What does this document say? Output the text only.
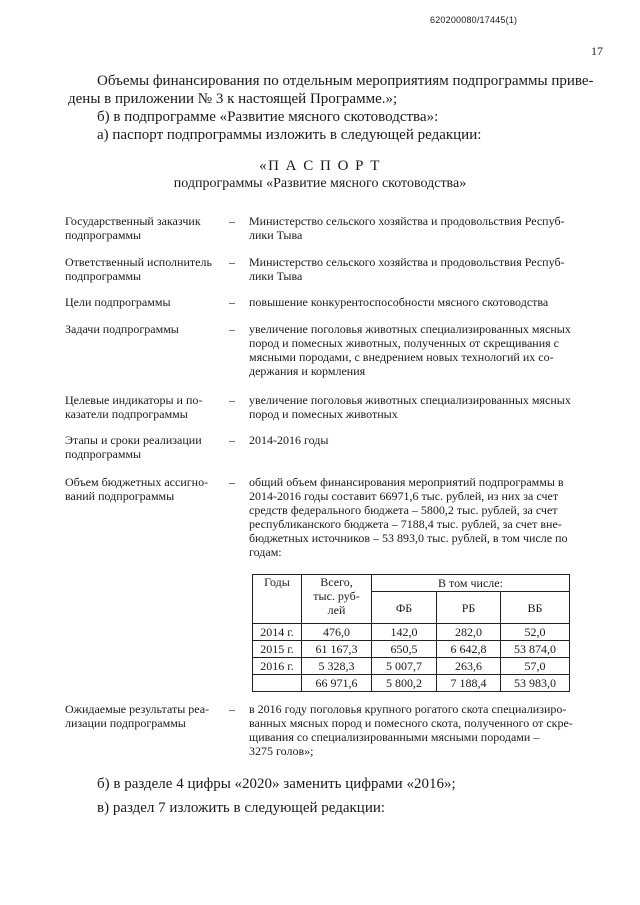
620200080/17445(1)
17
Объемы финансирования по отдельным мероприятиям подпрограммы приве-
дены в приложении № 3 к настоящей Программе.»;
б) в подпрограмме «Развитие мясного скотоводства»:
а) паспорт подпрограммы изложить в следующей редакции:
«П А С П О Р Т
подпрограммы «Развитие мясного скотоводства»
Государственный заказчик
подпрограммы
– Министерство сельского хозяйства и продовольствия Респуб-
лики Тыва
Ответственный исполнитель
подпрограммы
– Министерство сельского хозяйства и продовольствия Респуб-
лики Тыва
Цели подпрограммы	– повышение конкурентоспособности мясного скотоводства
Задачи подпрограммы	– увеличение поголовья животных специализированных мясных
пород и помесных животных, полученных от скрещивания с
мясными породами, с внедрением новых технологий их со-
держания и кормления
Целевые индикаторы и по-
казатели подпрограммы
– увеличение поголовья животных специализированных мясных
пород и помесных животных
Этапы и сроки реализации
подпрограммы
– 2014-2016 годы
Объем бюджетных ассигно-
ваний подпрограммы
– общий объем финансирования мероприятий подпрограммы в
2014-2016 годы составит 66971,6 тыс. рублей, из них за счет
средств федерального бюджета – 5800,2 тыс. рублей, за счет
республиканского бюджета – 7188,4 тыс. рублей, за счет вне-
бюджетных источников – 53 893,0 тыс. рублей, в том числе по
годам:
Ожидаемые результаты реа-
лизации подпрограммы
– в 2016 году поголовья крупного рогатого скота специализиро-
ванных мясных пород и помесного скота, полученного от скре-
щивания со специализированными мясными породами –
3275 голов»;
Годы	Всего,
тыс. руб-
лей	В том числе:		
		ФБ	РБ	ВБ
2014 г.	476,0	142,0	282,0	52,0
2015 г.	61 167,3	650,5	6 642,8	53 874,0
2016 г.	5 328,3	5 007,7	263,6	57,0
	66 971,6	5 800,2	7 188,4	53 983,0
б) в разделе 4 цифры «2020» заменить цифрами «2016»;
в) раздел 7 изложить в следующей редакции:
